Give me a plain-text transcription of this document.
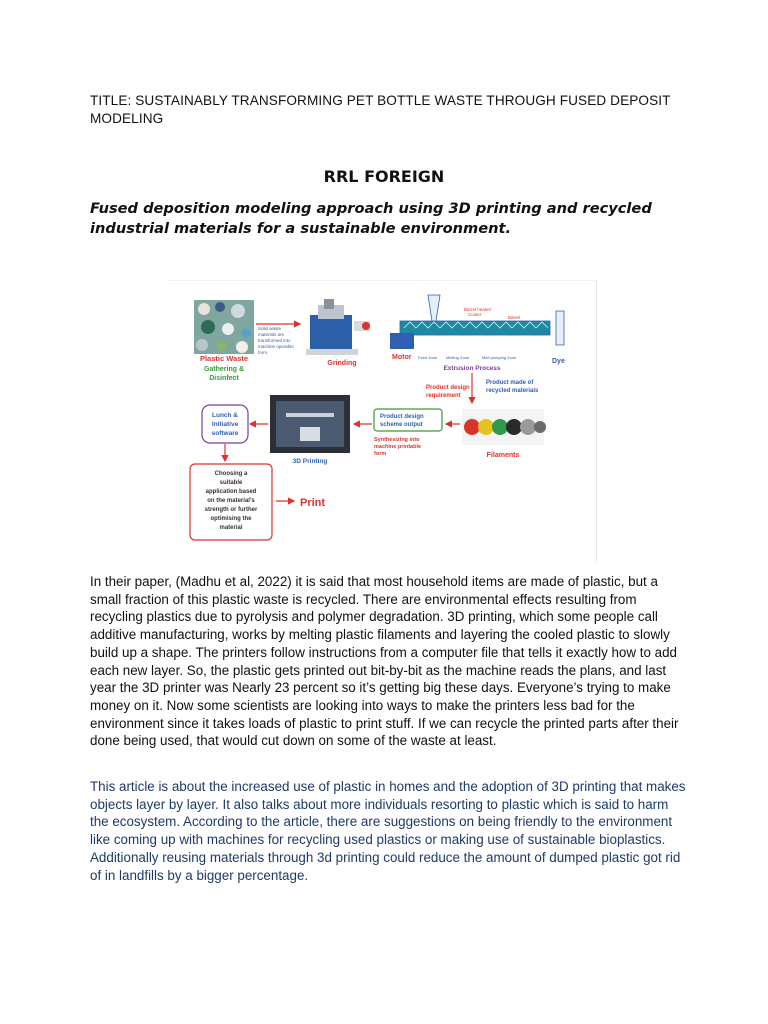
TITLE: SUSTAINABLY TRANSFORMING PET BOTTLE WASTE THROUGH FUSED DEPOSIT MODELING
RRL FOREIGN
Fused deposition modeling approach using 3D printing and recycled industrial materials for a sustainable environment.
Plastic Waste
Gathering &
Disinfect
Solid waste
materials are
transformed into
machine operable
form
Grinding
Barrel heater/
Cooler
Barrel
Motor Feed Zone Melting Zone	Melt pumping Zone
Extrusion Process
Dye
Product design
requirement
Product made of
recycled materials
Filaments
Product design
scheme output
Synthesizing into
machine printable
form
3D Printing
Lunch &
Initiative
software
Choosing a
suitable
application based
on the material's
strength or further
optimising the
material
Print

In their paper, (Madhu et al, 2022) it is said that most household items are made of plastic, but a small fraction of this plastic waste is recycled. There are environmental effects resulting from recycling plastics due to pyrolysis and polymer degradation. 3D printing, which some people call additive manufacturing, works by melting plastic filaments and layering the cooled plastic to slowly build up a shape. The printers follow instructions from a computer file that tells it exactly how to add each new layer. So, the plastic gets printed out bit-by-bit as the machine reads the plans, and last year the 3D printer was Nearly 23 percent so it’s getting big these days. Everyone’s trying to make money on it. Now some scientists are looking into ways to make the printers less bad for the environment since it takes loads of plastic to print stuff. If we can recycle the printed parts after their done being used, that would cut down on some of the waste at least.

This article is about the increased use of plastic in homes and the adoption of 3D printing that makes objects layer by layer. It also talks about more individuals resorting to plastic which is said to harm the ecosystem. According to the article, there are suggestions on being friendly to the environment like coming up with machines for recycling used plastics or making use of sustainable bioplastics. Additionally reusing materials through 3d printing could reduce the amount of dumped plastic got rid of in landfills by a bigger percentage.
